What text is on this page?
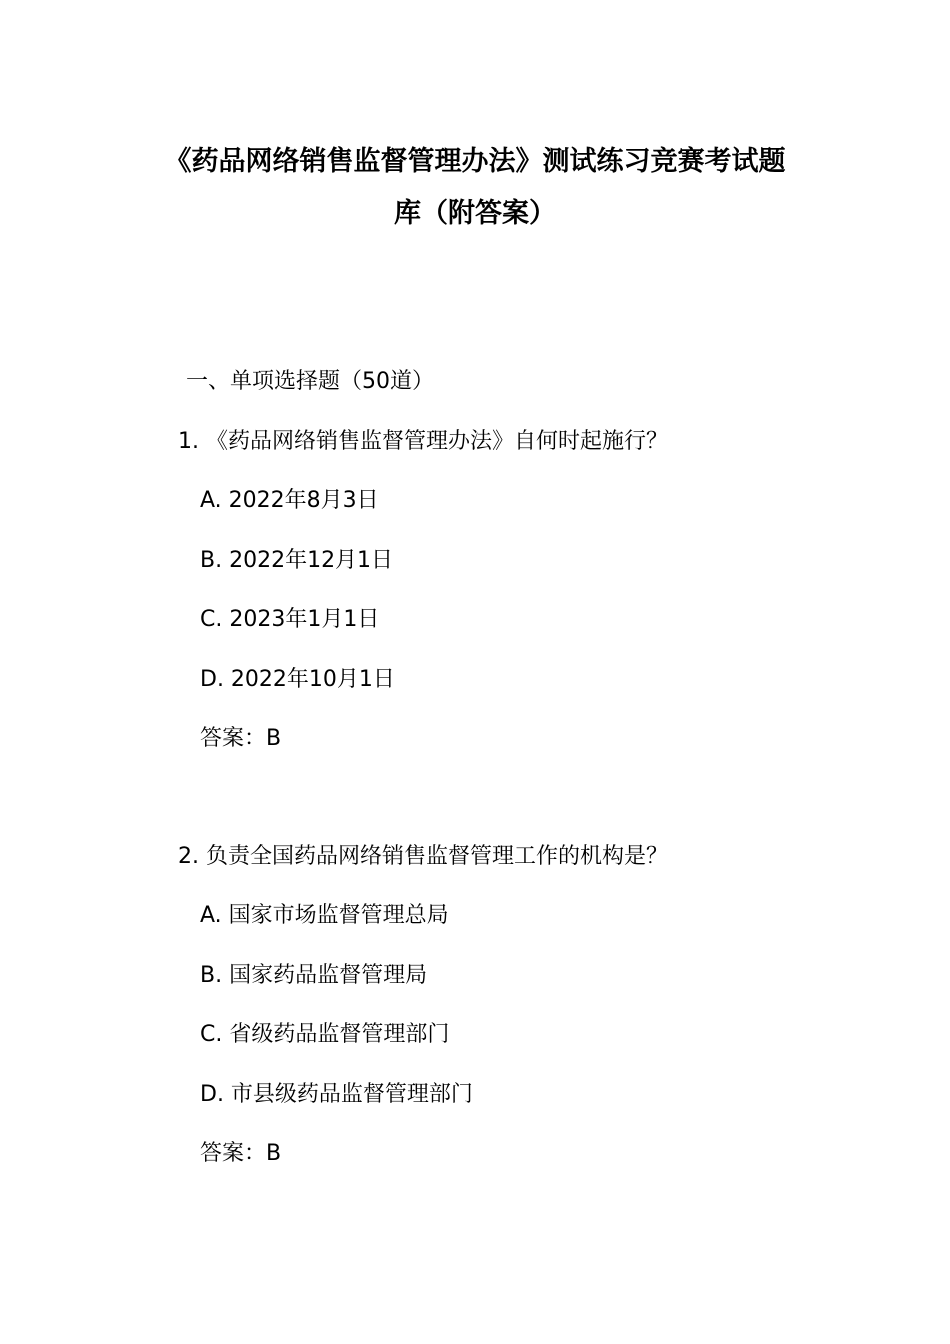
《药品网络销售监督管理办法》测试练习竞赛考试题
库（附答案）

一、单项选择题（50道）

1. 《药品网络销售监督管理办法》自何时起施行？

A. 2022年8月3日

B. 2022年12月1日

C. 2023年1月1日

D. 2022年10月1日

答案：B

2. 负责全国药品网络销售监督管理工作的机构是？

A. 国家市场监督管理总局

B. 国家药品监督管理局

C. 省级药品监督管理部门

D. 市县级药品监督管理部门

答案：B
